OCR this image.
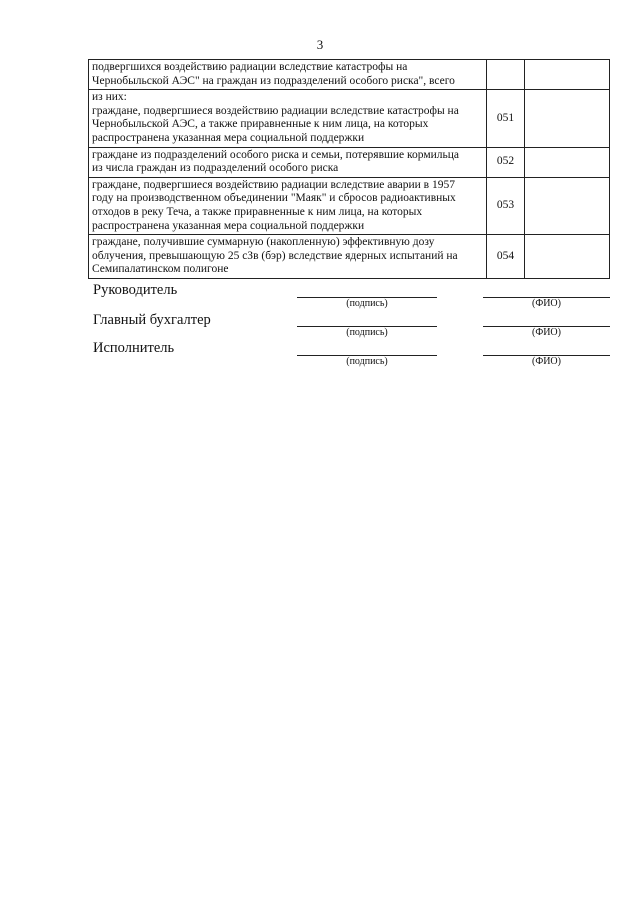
3
подвергшихся воздействию радиации вследствие катастрофы на
Чернобыльской АЭС" на граждан из подразделений особого риска", всего		

из них:
граждане, подвергшиеся воздействию радиации вследствие катастрофы на
Чернобыльской АЭС, а также приравненные к ним лица, на которых
распространена указанная мера социальной поддержки	051	

граждане из подразделений особого риска и семьи, потерявшие кормильца
из числа граждан из подразделений особого риска	052	

граждане, подвергшиеся воздействию радиации вследствие аварии в 1957
году на производственном объединении "Маяк" и сбросов радиоактивных
отходов в реку Теча, а также приравненные к ним лица, на которых
распространена указанная мера социальной поддержки	053	

граждане, получившие суммарную (накопленную) эффективную дозу
облучения, превышающую 25 сЗв (бэр) вследствие ядерных испытаний на
Семипалатинском полигоне	054	
Руководитель
(подпись)	(ФИО)
Главный бухгалтер
(подпись)	(ФИО)
Исполнитель
(подпись)	(ФИО)
